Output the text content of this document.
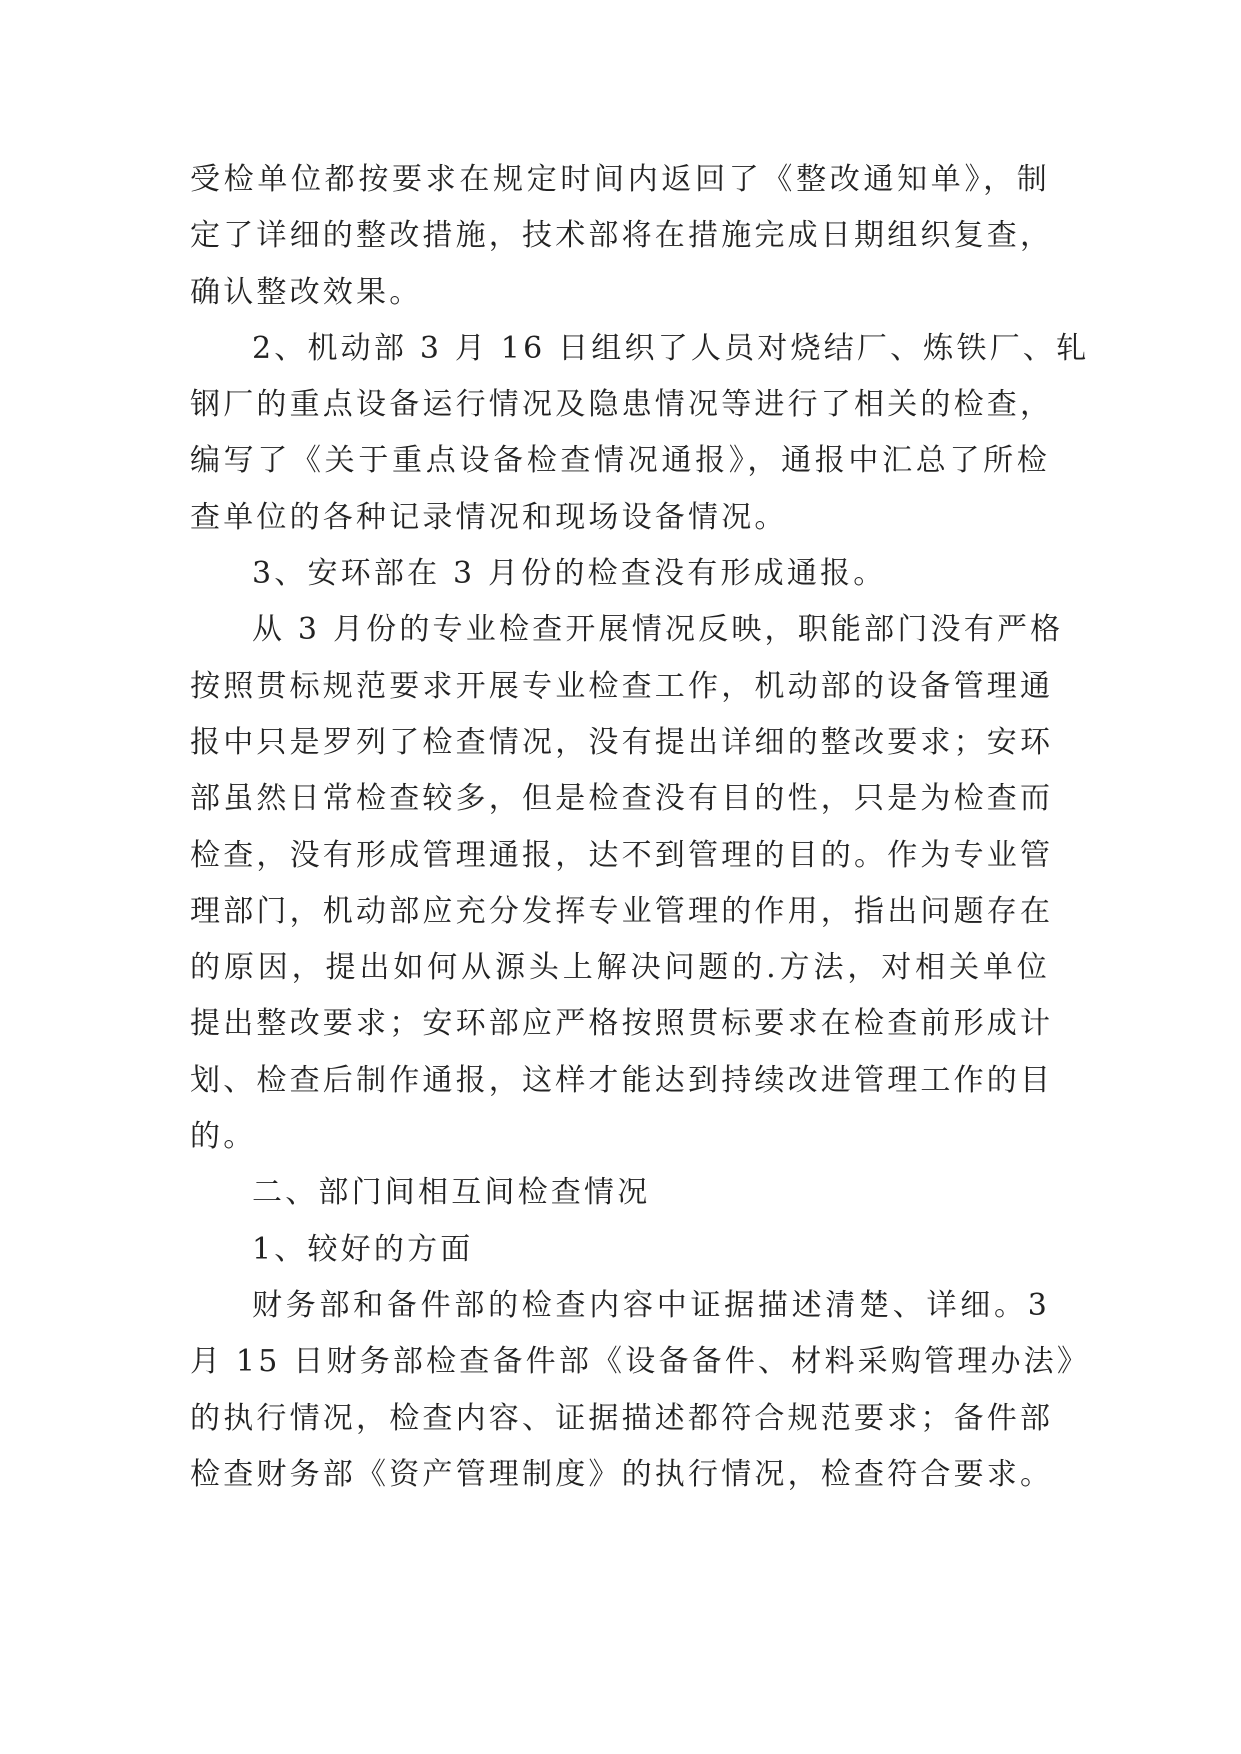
受检单位都按要求在规定时间内返回了《整改通知单》，制
定了详细的整改措施，技术部将在措施完成日期组织复查，
确认整改效果。
2、机动部 3 月 16 日组织了人员对烧结厂、炼铁厂、轧
钢厂的重点设备运行情况及隐患情况等进行了相关的检查，
编写了《关于重点设备检查情况通报》，通报中汇总了所检
查单位的各种记录情况和现场设备情况。
3、安环部在 3 月份的检查没有形成通报。
从 3 月份的专业检查开展情况反映，职能部门没有严格
按照贯标规范要求开展专业检查工作，机动部的设备管理通
报中只是罗列了检查情况，没有提出详细的整改要求；安环
部虽然日常检查较多，但是检查没有目的性，只是为检查而
检查，没有形成管理通报，达不到管理的目的。作为专业管
理部门，机动部应充分发挥专业管理的作用，指出问题存在
的原因，提出如何从源头上解决问题的.方法，对相关单位
提出整改要求；安环部应严格按照贯标要求在检查前形成计
划、检查后制作通报，这样才能达到持续改进管理工作的目
的。
二、部门间相互间检查情况
1、较好的方面
财务部和备件部的检查内容中证据描述清楚、详细。3
月 15 日财务部检查备件部《设备备件、材料采购管理办法》
的执行情况，检查内容、证据描述都符合规范要求；备件部
检查财务部《资产管理制度》的执行情况，检查符合要求。
